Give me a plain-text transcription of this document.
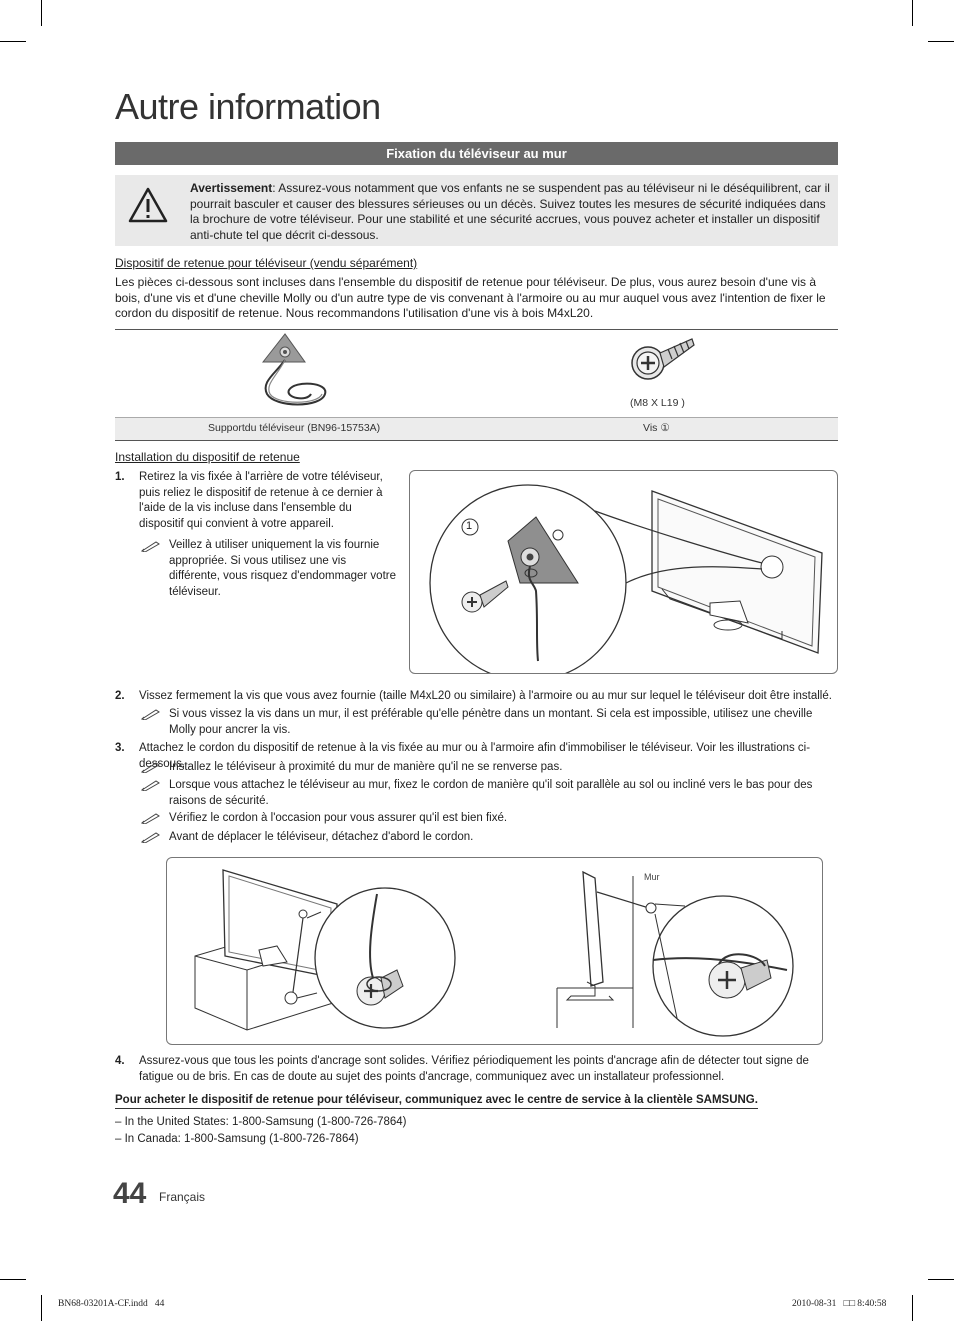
Autre information
Fixation du téléviseur au mur
Avertissement: Assurez-vous notamment que vos enfants ne se suspendent pas au téléviseur ni le déséquilibrent, car il pourrait basculer et causer des blessures sérieuses ou un décès. Suivez toutes les mesures de sécurité indiquées dans la brochure de votre téléviseur. Pour une stabilité et une sécurité accrues, vous pouvez acheter et installer un dispositif anti-chute tel que décrit ci-dessous.
Dispositif de retenue pour téléviseur (vendu séparément)
Les pièces ci-dessous sont incluses dans l'ensemble du dispositif de retenue pour téléviseur. De plus, vous aurez besoin d'une vis à bois, d'une vis et d'une cheville Molly ou d'un autre type de vis convenant à l'armoire ou au mur auquel vous avez l'intention de fixer le cordon du dispositif de retenue. Nous recommandons l'utilisation d'une vis à bois M4xL20.
(M8 X L19 )
Supportdu téléviseur (BN96-15753A)	Vis ①
Installation du dispositif de retenue
1. Retirez la vis fixée à l'arrière de votre téléviseur, puis reliez le dispositif de retenue à ce dernier à l'aide de la vis incluse dans l'ensemble du dispositif qui convient à votre appareil.
Veillez à utiliser uniquement la vis fournie appropriée. Si vous utilisez une vis différente, vous risquez d'endommager votre téléviseur.
1
2. Vissez fermement la vis que vous avez fournie (taille M4xL20 ou similaire) à l'armoire ou au mur sur lequel le téléviseur doit être installé.
Si vous vissez la vis dans un mur, il est préférable qu'elle pénètre dans un montant. Si cela est impossible, utilisez une cheville Molly pour ancrer la vis.
3. Attachez le cordon du dispositif de retenue à la vis fixée au mur ou à l'armoire afin d'immobiliser le téléviseur. Voir les illustrations ci-dessous.
Installez le téléviseur à proximité du mur de manière qu'il ne se renverse pas.
Lorsque vous attachez le téléviseur au mur, fixez le cordon de manière qu'il soit parallèle au sol ou incliné vers le bas pour des raisons de sécurité.
Vérifiez le cordon à l'occasion pour vous assurer qu'il est bien fixé.
Avant de déplacer le téléviseur, détachez d'abord le cordon.
Mur
4. Assurez-vous que tous les points d'ancrage sont solides. Vérifiez périodiquement les points d'ancrage afin de détecter tout signe de fatigue ou de bris. En cas de doute au sujet des points d'ancrage, communiquez avec un installateur professionnel.
Pour acheter le dispositif de retenue pour téléviseur, communiquez avec le centre de service à la clientèle SAMSUNG.
– In the United States: 1-800-Samsung (1-800-726-7864)
– In Canada: 1-800-Samsung (1-800-726-7864)
44 Français
BN68-03201A-CF.indd   44	2010-08-31   □□ 8:40:58
